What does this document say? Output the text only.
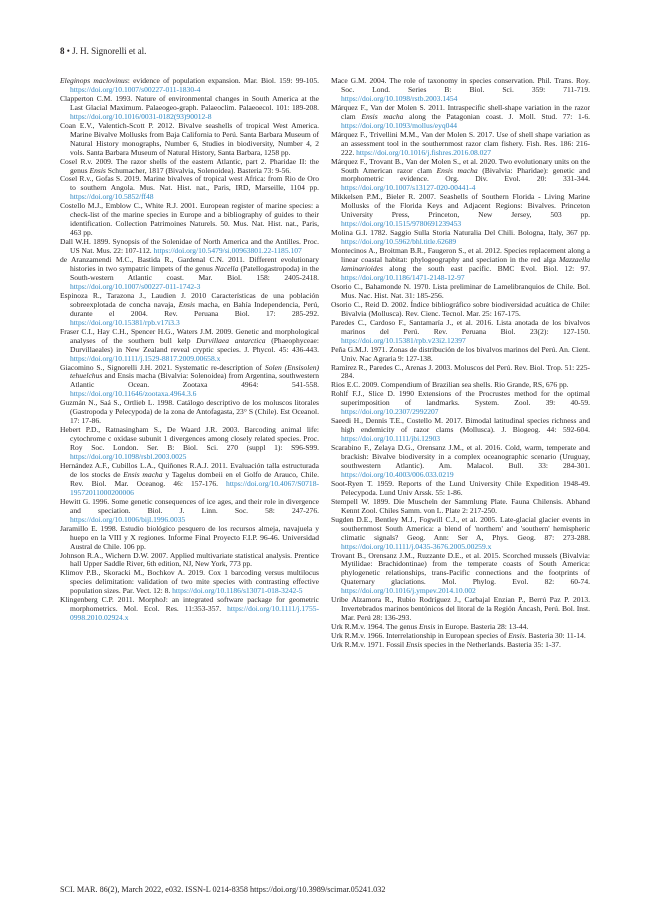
8 • J. H. Signorelli et al.

Eleginops maclovinus: evidence of population expansion. Mar. Biol. 159: 99-105. https://doi.org/10.1007/s00227-011-1830-4

Clapperton C.M. 1993. Nature of environmental changes in South America at the Last Glacial Maximum. Palaeogeo-graph. Palaeoclim. Palaeoecol. 101: 189-208. https://doi.org/10.1016/0031-0182(93)90012-8

Coan E.V., Valentich-Scott P. 2012. Bivalve seashells of tropical West America. Marine Bivalve Mollusks from Baja California to Perú. Santa Barbara Museum of Natural History monographs, Number 6, Studies in biodiversity, Number 4, 2 vols. Santa Barbara Museum of Natural History, Santa Barbara, 1258 pp.

Cosel R.v. 2009. The razor shells of the eastern Atlantic, part 2. Pharidae II: the genus Ensis Schumacher, 1817 (Bivalvia, Solenoidea). Basteria 73: 9-56.

Cosel R.v., Gofas S. 2019. Marine bivalves of tropical west Africa: from Rio de Oro to southern Angola. Mus. Nat. Hist. nat., Paris, IRD, Marseille, 1104 pp. https://doi.org/10.5852/ff48

Costello M.J., Emblow C., White R.J. 2001. European register of marine species: a check-list of the marine species in Europe and a bibliography of guides to their identification. Collection Patrimoines Naturels. 50. Mus. Nat. Hist. nat., Paris, 463 pp.

Dall W.H. 1899. Synopsis of the Solenidae of North America and the Antilles. Proc. US Nat. Mus. 22: 107-112. https://doi.org/10.5479/si.00963801.22-1185.107

de Aranzamendi M.C., Bastida R., Gardenal C.N. 2011. Different evolutionary histories in two sympatric limpets of the genus Nacella (Patellogastropoda) in the South-western Atlantic coast. Mar. Biol. 158: 2405-2418. https://doi.org/10.1007/s00227-011-1742-3

Espinoza R., Tarazona J., Laudien J. 2010 Características de una población sobreexplotada de concha navaja, Ensis macha, en Bahía Independencia, Perú, durante el 2004. Rev. Peruana Biol. 17: 285-292. https://doi.org/10.15381/rpb.v17i3.3

Fraser C.I., Hay C.H., Spencer H.G., Waters J.M. 2009. Genetic and morphological analyses of the southern bull kelp Durvillaea antarctica (Phaeophyceae: Durvillaeales) in New Zealand reveal cryptic species. J. Phycol. 45: 436-443. https://doi.org/10.1111/j.1529-8817.2009.00658.x

Giacomino S., Signorelli J.H. 2021. Systematic re-description of Solen (Ensisolen) tehuelchus and Ensis macha (Bivalvia: Solenoidea) from Argentina, southwestern Atlantic Ocean. Zootaxa 4964: 541-558. https://doi.org/10.11646/zootaxa.4964.3.6

Guzmán N., Saá S., Ortlieb L. 1998. Catálogo descriptivo de los moluscos litorales (Gastropoda y Pelecypoda) de la zona de Antofagasta, 23° S (Chile). Est Oceanol. 17: 17-86.

Hebert P.D., Ratnasingham S., De Waard J.R. 2003. Barcoding animal life: cytochrome c oxidase subunit 1 divergences among closely related species. Proc. Roy Soc. London. Ser. B: Biol. Sci. 270 (suppl 1): S96-S99. https://doi.org/10.1098/rsbl.2003.0025

Hernández A.F., Cubillos L.A., Quiñones R.A.J. 2011. Evaluación talla estructurada de los stocks de Ensis macha y Tagelus dombeii en el Golfo de Arauco, Chile. Rev. Biol. Mar. Oceanog. 46: 157-176. https://doi.org/10.4067/S0718-19572011000200006

Hewitt G. 1996. Some genetic consequences of ice ages, and their role in divergence and speciation. Biol. J. Linn. Soc. 58: 247-276. https://doi.org/10.1006/bijl.1996.0035

Jaramillo E. 1998. Estudio biológico pesquero de los recursos almeja, navajuela y huepo en la VIII y X regiones. Informe Final Proyecto F.I.P. 96-46. Universidad Austral de Chile. 106 pp.

Johnson R.A., Wichern D.W. 2007. Applied multivariate statistical analysis. Prentice hall Upper Saddle River, 6th edition, NJ, New York, 773 pp.

Klimov P.B., Skoracki M., Bochkov A. 2019. Cox 1 barcoding versus multilocus species delimitation: validation of two mite species with contrasting effective population sizes. Par. Vect. 12: 8. https://doi.org/10.1186/s13071-018-3242-5

Klingenberg C.P. 2011. MorphoJ: an integrated software package for geometric morphometrics. Mol. Ecol. Res. 11:353-357. https://doi.org/10.1111/j.1755-0998.2010.02924.x

Mace G.M. 2004. The role of taxonomy in species conservation. Phil. Trans. Roy. Soc. Lond. Series B: Biol. Sci. 359: 711-719. https://doi.org/10.1098/rstb.2003.1454

Márquez F., Van der Molen S. 2011. Intraspecific shell-shape variation in the razor clam Ensis macha along the Patagonian coast. J. Moll. Stud. 77: 1-6. https://doi.org/10.1093/mollus/eyq044

Márquez F., Trivellini M.M., Van der Molen S. 2017. Use of shell shape variation as an assessment tool in the southernmost razor clam fishery. Fish. Res. 186: 216-222. https://doi.org/10.1016/j.fishres.2016.08.027

Márquez F., Trovant B., Van der Molen S., et al. 2020. Two evolutionary units on the South American razor clam Ensis macha (Bivalvia: Pharidae): genetic and morphometric evidence. Org. Div. Evol. 20: 331-344. https://doi.org/10.1007/s13127-020-00441-4

Mikkelsen P.M., Bieler R. 2007. Seashells of Southern Florida - Living Marine Mollusks of the Florida Keys and Adjacent Regions: Bivalves. Princeton University Press, Princeton, New Jersey, 503 pp. https://doi.org/10.1515/9780691239453

Molina G.I. 1782. Saggio Sulla Storia Naturalia Del Chili. Bologna, Italy, 367 pp. https://doi.org/10.5962/bhl.title.62689

Montecinos A., Broitman B.R., Faugeron S., et al. 2012. Species replacement along a linear coastal habitat: phylogeography and speciation in the red alga Mazzaella laminarioides along the south east pacific. BMC Evol. Biol. 12: 97. https://doi.org/10.1186/1471-2148-12-97

Osorio C., Bahamonde N. 1970. Lista preliminar de Lamelibranquios de Chile. Bol. Mus. Nac. Hist. Nat. 31: 185-256.

Osorio C., Reid D. 2002. Índice bibliográfico sobre biodiversidad acuática de Chile: Bivalvia (Mollusca). Rev. Cienc. Tecnol. Mar. 25: 167-175.

Paredes C., Cardoso F., Santamaría J., et al. 2016. Lista anotada de los bivalvos marinos del Perú. Rev. Peruana Biol. 23(2): 127-150. https://doi.org/10.15381/rpb.v23i2.12397

Peña G.M.J. 1971. Zonas de distribución de los bivalvos marinos del Perú. An. Cient. Univ. Nac Agraria 9: 127-138.

Ramírez R., Paredes C., Arenas J. 2003. Moluscos del Perú. Rev. Biol. Trop. 51: 225-284.

Rios E.C. 2009. Compendium of Brazilian sea shells. Rio Grande, RS, 676 pp.

Rohlf F.J., Slice D. 1990 Extensions of the Procrustes method for the optimal superimposition of landmarks. System. Zool. 39: 40-59. https://doi.org/10.2307/2992207

Saeedi H., Dennis T.E., Costello M. 2017. Bimodal latitudinal species richness and high endemicity of razor clams (Mollusca). J. Biogeog. 44: 592-604. https://doi.org/10.1111/jbi.12903

Scarabino F., Zelaya D.G., Orensanz J.M., et al. 2016. Cold, warm, temperate and brackish: Bivalve biodiversity in a complex oceanographic scenario (Uruguay, southwestern Atlantic). Am. Malacol. Bull. 33: 284-301. https://doi.org/10.4003/006.033.0219

Soot-Ryen T. 1959. Reports of the Lund University Chile Expedition 1948-49. Pelecypoda. Lund Univ Arssk. 55: 1-86.

Stempell W. 1899. Die Muscheln der Sammlung Plate. Fauna Chilensis. Abhand Kennt Zool. Chiles Samm. von L. Plate 2: 217-250.

Sugden D.E., Bentley M.J., Fogwill C.J., et al. 2005. Late-glacial glacier events in southernmost South America: a blend of 'northern' and 'southern' hemispheric climatic signals? Geog. Ann: Ser A, Phys. Geog. 87: 273-288. https://doi.org/10.1111/j.0435-3676.2005.00259.x

Trovant B., Orensanz J.M., Ruzzante D.E., et al. 2015. Scorched mussels (Bivalvia: Mytilidae: Brachidontinae) from the temperate coasts of South America: phylogenetic relationships, trans-Pacific connections and the footprints of Quaternary glaciations. Mol. Phylog. Evol. 82: 60-74. https://doi.org/10.1016/j.ympev.2014.10.002

Uribe Alzamora R., Rubio Rodríguez J., Carbajal Enzian P., Berrú Paz P. 2013. Invertebrados marinos bentónicos del litoral de la Región Áncash, Perú. Bol. Inst. Mar. Perú 28: 136-293.

Urk R.M.v. 1964. The genus Ensis in Europe. Basteria 28: 13-44.

Urk R.M.v. 1966. Interrelationship in European species of Ensis. Basteria 30: 11-14.

Urk R.M.v. 1971. Fossil Ensis species in the Netherlands. Basteria 35: 1-37.

SCI. MAR. 86(2), March 2022, e032. ISSN-L 0214-8358 https://doi.org/10.3989/scimar.05241.032
